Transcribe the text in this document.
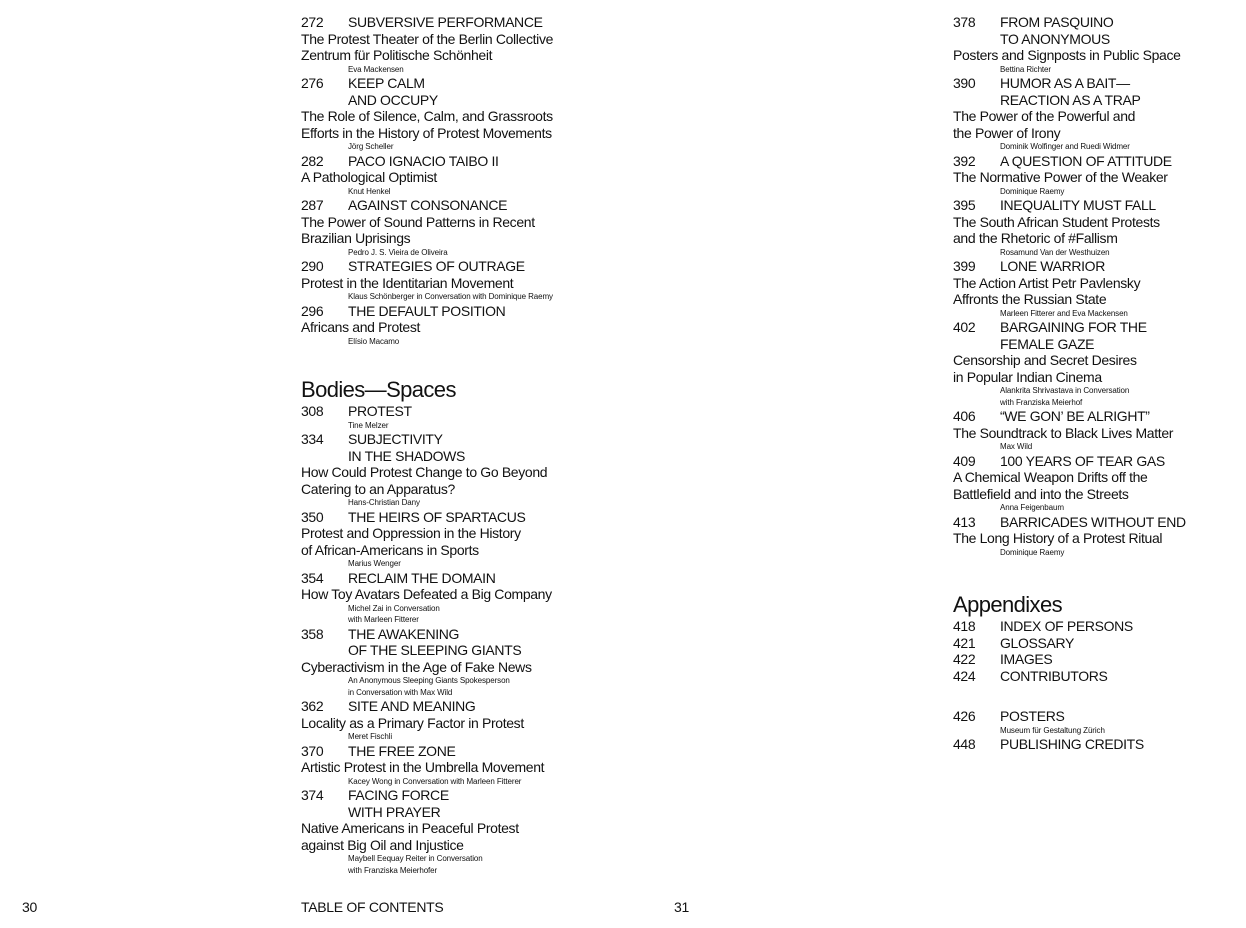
272	SUBVERSIVE PERFORMANCE
The Protest Theater of the Berlin Collective
Zentrum für Politische Schönheit
Eva Mackensen
276	KEEP CALM
AND OCCUPY
The Role of Silence, Calm, and Grassroots
Efforts in the History of Protest Movements
Jörg Scheller
282	PACO IGNACIO TAIBO II
A Pathological Optimist
Knut Henkel
287	AGAINST CONSONANCE
The Power of Sound Patterns in Recent
Brazilian Uprisings
Pedro J. S. Vieira de Oliveira
290	STRATEGIES OF OUTRAGE
Protest in the Identitarian Movement
Klaus Schönberger in Conversation with Dominique Raemy
296	THE DEFAULT POSITION
Africans and Protest
Elísio Macamo
Bodies—Spaces
308	PROTEST
Tine Melzer
334	SUBJECTIVITY
IN THE SHADOWS
How Could Protest Change to Go Beyond
Catering to an Apparatus?
Hans-Christian Dany
350	THE HEIRS OF SPARTACUS
Protest and Oppression in the History
of African-Americans in Sports
Marius Wenger
354	RECLAIM THE DOMAIN
How Toy Avatars Defeated a Big Company
Michel Zai in Conversation
with Marleen Fitterer
358	THE AWAKENING
OF THE SLEEPING GIANTS
Cyberactivism in the Age of Fake News
An Anonymous Sleeping Giants Spokesperson
in Conversation with Max Wild
362	SITE AND MEANING
Locality as a Primary Factor in Protest
Meret Fischli
370	THE FREE ZONE
Artistic Protest in the Umbrella Movement
Kacey Wong in Conversation with Marleen Fitterer
374	FACING FORCE
WITH PRAYER
Native Americans in Peaceful Protest
against Big Oil and Injustice
Maybell Eequay Reiter in Conversation
with Franziska Meierhofer
378	FROM PASQUINO
TO ANONYMOUS
Posters and Signposts in Public Space
Bettina Richter
390	HUMOR AS A BAIT—
REACTION AS A TRAP
The Power of the Powerful and
the Power of Irony
Dominik Wolfinger and Ruedi Widmer
392	A QUESTION OF ATTITUDE
The Normative Power of the Weaker
Dominique Raemy
395	INEQUALITY MUST FALL
The South African Student Protests
and the Rhetoric of #Fallism
Rosamund Van der Westhuizen
399	LONE WARRIOR
The Action Artist Petr Pavlensky
Affronts the Russian State
Marleen Fitterer and Eva Mackensen
402	BARGAINING FOR THE
FEMALE GAZE
Censorship and Secret Desires
in Popular Indian Cinema
Alankrita Shrivastava in Conversation
with Franziska Meierhof
406	“WE GON’ BE ALRIGHT”
The Soundtrack to Black Lives Matter
Max Wild
409	100 YEARS OF TEAR GAS
A Chemical Weapon Drifts off the
Battlefield and into the Streets
Anna Feigenbaum
413	BARRICADES WITHOUT END
The Long History of a Protest Ritual
Dominique Raemy
Appendixes
418	INDEX OF PERSONS
421	GLOSSARY
422	IMAGES
424	CONTRIBUTORS
426	POSTERS
Museum für Gestaltung Zürich
448	PUBLISHING CREDITS
30	TABLE OF CONTENTS	31
